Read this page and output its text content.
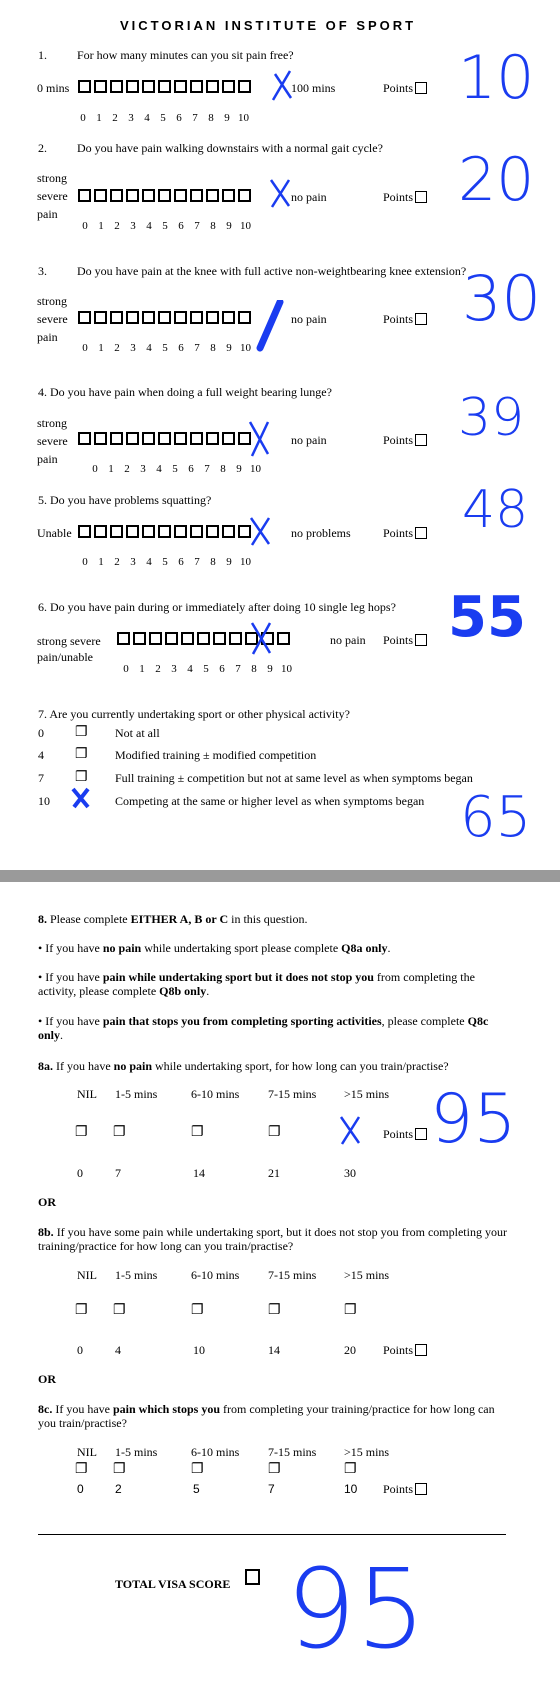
VICTORIAN INSTITUTE OF SPORT
1.	For how many minutes can you sit pain free?
0 mins	100 mins	Points
0 1 2 3 4 5 6 7 8 9 10
10
2.	Do you have pain walking downstairs with a normal gait cycle?
strong
severe
pain
no pain	Points
0 1 2 3 4 5 6 7 8 9 10
20
3.	Do you have pain at the knee with full active non-weightbearing knee extension?
strong
severe
pain
no pain	Points
0 1 2 3 4 5 6 7 8 9 10
30
4. Do you have pain when doing a full weight bearing lunge?
strong
severe
pain
no pain	Points
0 1 2 3 4 5 6 7 8 9 10
39
5. Do you have problems squatting?
Unable	no problems	Points
0 1 2 3 4 5 6 7 8 9 10
48
6. Do you have pain during or immediately after doing 10 single leg hops?
strong severe
pain/unable
no pain Points
0 1 2 3 4 5 6 7 8 9 10
55
7. Are you currently undertaking sport or other physical activity?
0 ❐ Not at all
4 ❐ Modified training ± modified competition
7 ❐ Full training ± competition but not at same level as when symptoms began
10	Competing at the same or higher level as when symptoms began 65
8. Please complete EITHER A, B or C in this question.
• If you have no pain while undertaking sport please complete Q8a only.
• If you have pain while undertaking sport but it does not stop you from completing the activity, please complete Q8b only.
• If you have pain that stops you from completing sporting activities, please complete Q8c only.
8a. If you have no pain while undertaking sport, for how long can you train/practise?
NIL 1-5 mins	6-10 mins 7-15 mins >15 mins
❐ ❐	❐	❐	Points
0	7	14	21	30
95
OR
8b. If you have some pain while undertaking sport, but it does not stop you from completing your training/practice for how long can you train/practise?
NIL 1-5 mins	6-10 mins 7-15 mins >15 mins
❐ ❐	❐	❐	❐
0	4	10	14	20 Points
OR
8c. If you have pain which stops you from completing your training/practice for how long can you train/practise?
NIL 1-5 mins	6-10 mins 7-15 mins >15 mins
❐ ❐	❐	❐	❐
0	2	5	7	10 Points
TOTAL VISA SCORE 95
